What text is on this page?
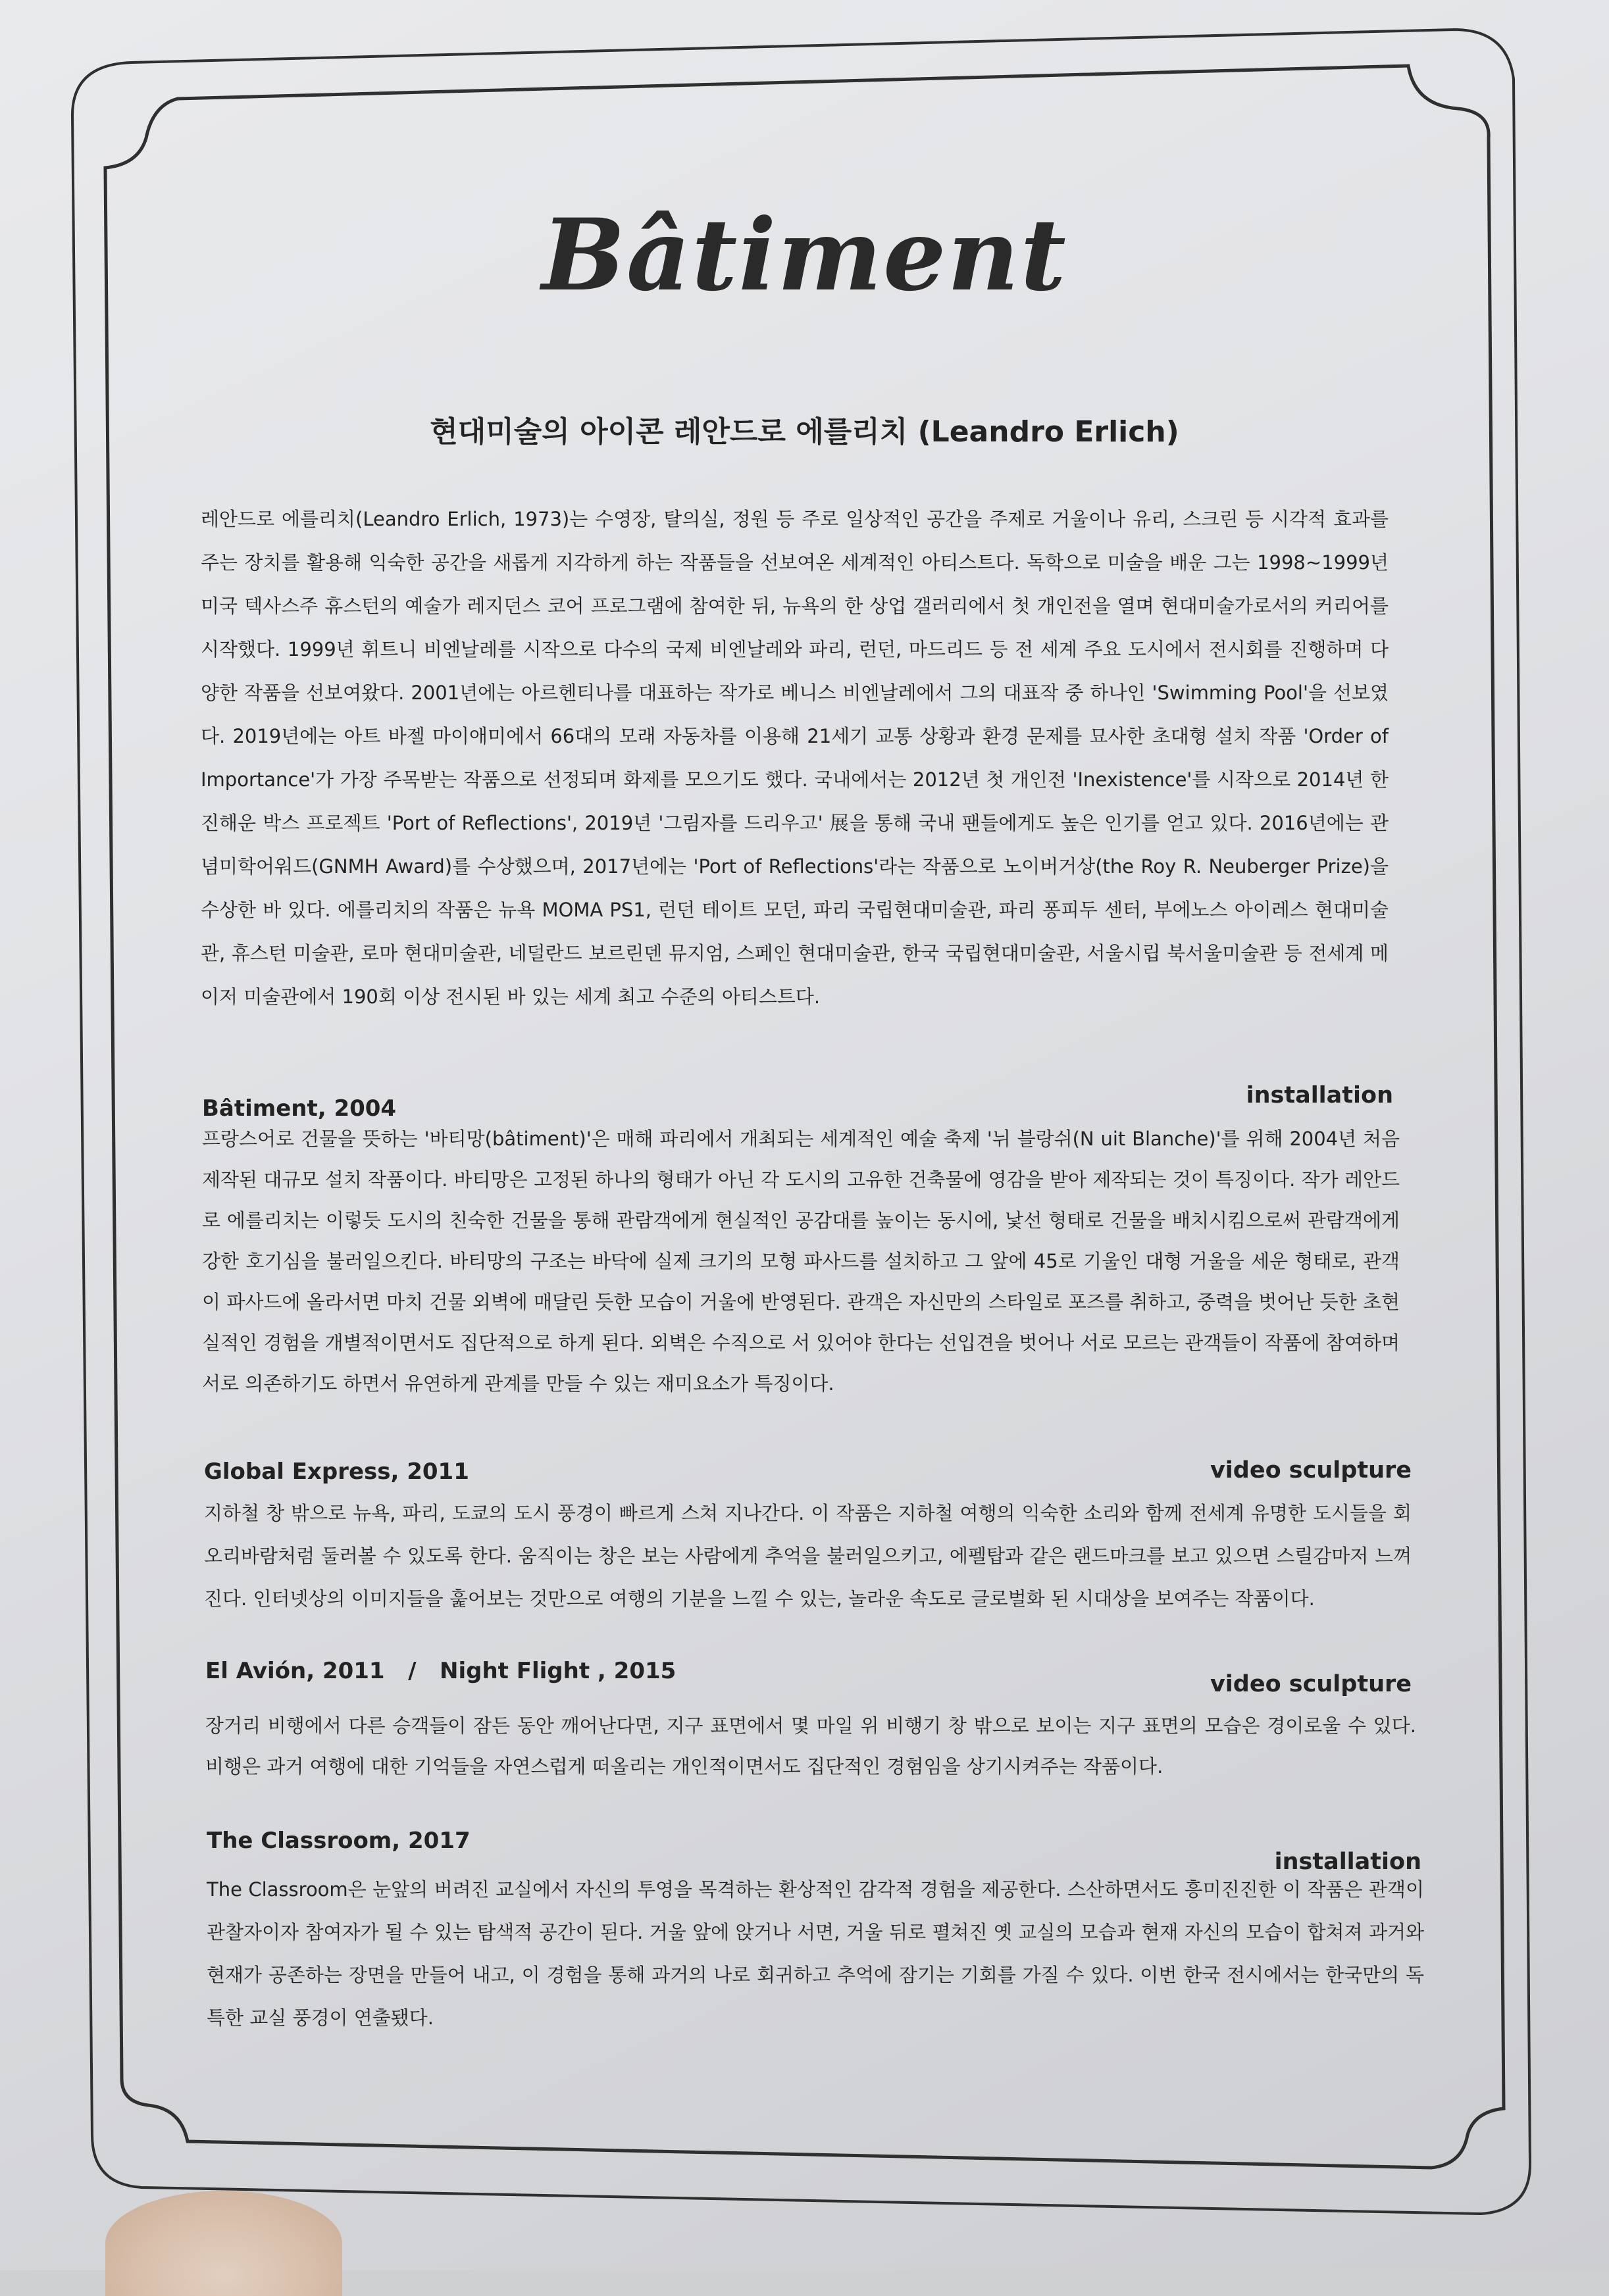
Bâtiment
현대미술의 아이콘 레안드로 에를리치 (Leandro Erlich)

레안드로 에를리치(Leandro Erlich, 1973)는 수영장, 탈의실, 정원 등 주로 일상적인 공간을 주제로 거울이나 유리, 스크린 등 시각적 효과를 주는 장치를 활용해 익숙한 공간을 새롭게 지각하게 하는 작품들을 선보여온 세계적인 아티스트다. 독학으로 미술을 배운 그는 1998~1999년 미국 텍사스주 휴스턴의 예술가 레지던스 코어 프로그램에 참여한 뒤, 뉴욕의 한 상업 갤러리에서 첫 개인전을 열며 현대미술가로서의 커리어를 시작했다. 1999년 휘트니 비엔날레를 시작으로 다수의 국제 비엔날레와 파리, 런던, 마드리드 등 전 세계 주요 도시에서 전시회를 진행하며 다양한 작품을 선보여왔다. 2001년에는 아르헨티나를 대표하는 작가로 베니스 비엔날레에서 그의 대표작 중 하나인 'Swimming Pool'을 선보였다. 2019년에는 아트 바젤 마이애미에서 66대의 모래 자동차를 이용해 21세기 교통 상황과 환경 문제를 묘사한 초대형 설치 작품 'Order of Importance'가 가장 주목받는 작품으로 선정되며 화제를 모으기도 했다. 국내에서는 2012년 첫 개인전 'Inexistence'를 시작으로 2014년 한진해운 박스 프로젝트 'Port of Reflections', 2019년 '그림자를 드리우고' 展을 통해 국내 팬들에게도 높은 인기를 얻고 있다. 2016년에는 관념미학어워드(GNMH Award)를 수상했으며, 2017년에는 'Port of Reflections'라는 작품으로 노이버거상(the Roy R. Neuberger Prize)을 수상한 바 있다. 에를리치의 작품은 뉴욕 MOMA PS1, 런던 테이트 모던, 파리 국립현대미술관, 파리 퐁피두 센터, 부에노스 아이레스 현대미술관, 휴스턴 미술관, 로마 현대미술관, 네덜란드 보르린덴 뮤지엄, 스페인 현대미술관, 한국 국립현대미술관, 서울시립 북서울미술관 등 전세계 메이저 미술관에서 190회 이상 전시된 바 있는 세계 최고 수준의 아티스트다.

Bâtiment, 2004	installation

프랑스어로 건물을 뜻하는 '바티망(bâtiment)'은 매해 파리에서 개최되는 세계적인 예술 축제 '뉘 블랑쉬(N uit Blanche)'를 위해 2004년 처음 제작된 대규모 설치 작품이다. 바티망은 고정된 하나의 형태가 아닌 각 도시의 고유한 건축물에 영감을 받아 제작되는 것이 특징이다. 작가 레안드로 에를리치는 이렇듯 도시의 친숙한 건물을 통해 관람객에게 현실적인 공감대를 높이는 동시에, 낯선 형태로 건물을 배치시킴으로써 관람객에게 강한 호기심을 불러일으킨다. 바티망의 구조는 바닥에 실제 크기의 모형 파사드를 설치하고 그 앞에 45로 기울인 대형 거울을 세운 형태로, 관객이 파사드에 올라서면 마치 건물 외벽에 매달린 듯한 모습이 거울에 반영된다. 관객은 자신만의 스타일로 포즈를 취하고, 중력을 벗어난 듯한 초현실적인 경험을 개별적이면서도 집단적으로 하게 된다. 외벽은 수직으로 서 있어야 한다는 선입견을 벗어나 서로 모르는 관객들이 작품에 참여하며 서로 의존하기도 하면서 유연하게 관계를 만들 수 있는 재미요소가 특징이다.

Global Express, 2011	video sculpture

지하철 창 밖으로 뉴욕, 파리, 도쿄의 도시 풍경이 빠르게 스쳐 지나간다. 이 작품은 지하철 여행의 익숙한 소리와 함께 전세계 유명한 도시들을 회오리바람처럼 둘러볼 수 있도록 한다. 움직이는 창은 보는 사람에게 추억을 불러일으키고, 에펠탑과 같은 랜드마크를 보고 있으면 스릴감마저 느껴진다. 인터넷상의 이미지들을 훑어보는 것만으로 여행의 기분을 느낄 수 있는, 놀라운 속도로 글로벌화 된 시대상을 보여주는 작품이다.

El Avión, 2011   /   Night Flight , 2015	video sculpture

장거리 비행에서 다른 승객들이 잠든 동안 깨어난다면, 지구 표면에서 몇 마일 위 비행기 창 밖으로 보이는 지구 표면의 모습은 경이로울 수 있다. 비행은 과거 여행에 대한 기억들을 자연스럽게 떠올리는 개인적이면서도 집단적인 경험임을 상기시켜주는 작품이다.

The Classroom, 2017

installation

The Classroom은 눈앞의 버려진 교실에서 자신의 투영을 목격하는 환상적인 감각적 경험을 제공한다. 스산하면서도 흥미진진한 이 작품은 관객이 관찰자이자 참여자가 될 수 있는 탐색적 공간이 된다. 거울 앞에 앉거나 서면, 거울 뒤로 펼쳐진 옛 교실의 모습과 현재 자신의 모습이 합쳐져 과거와 현재가 공존하는 장면을 만들어 내고, 이 경험을 통해 과거의 나로 회귀하고 추억에 잠기는 기회를 가질 수 있다. 이번 한국 전시에서는 한국만의 독특한 교실 풍경이 연출됐다.
